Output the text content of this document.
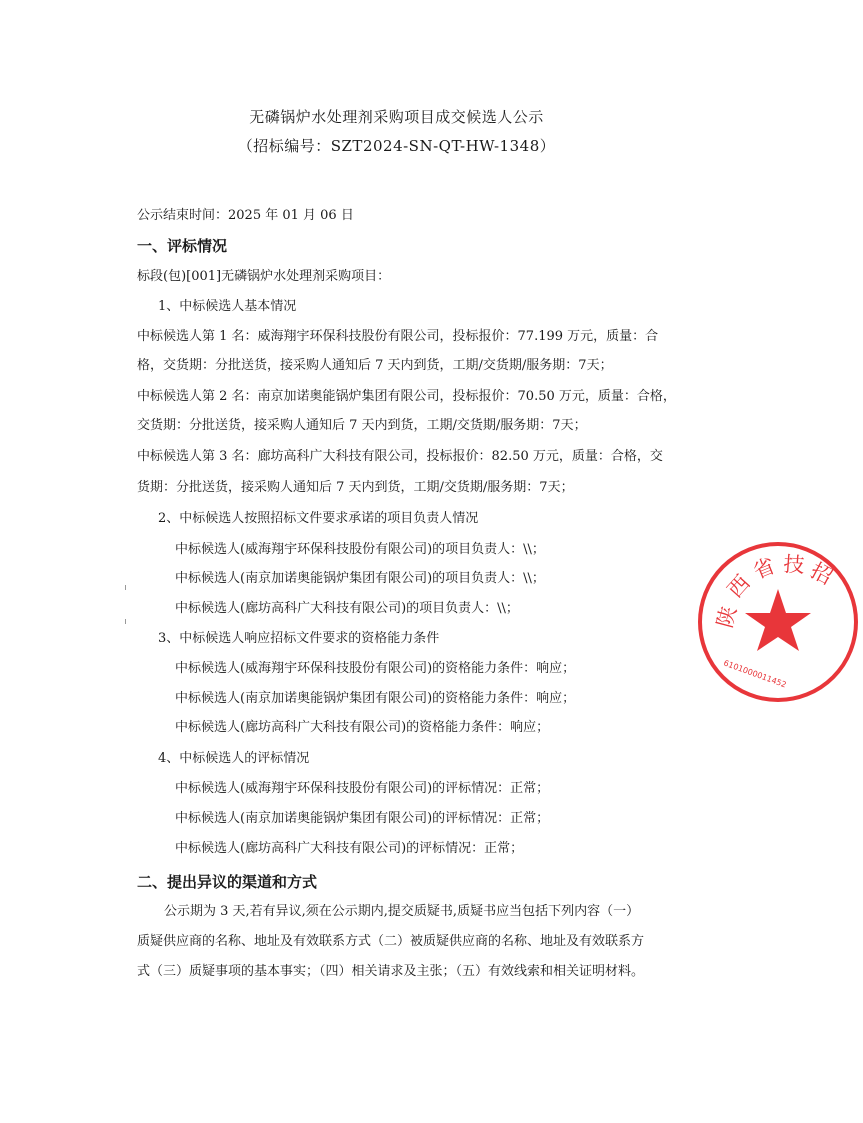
无磷锅炉水处理剂采购项目成交候选人公示
（招标编号：SZT2024-SN-QT-HW-1348）
公示结束时间：2025 年 01 月 06 日
一、评标情况
标段(包)[001]无磷锅炉水处理剂采购项目：
1、中标候选人基本情况
中标候选人第 1 名：威海翔宇环保科技股份有限公司，投标报价：77.199 万元，质量：合
格，交货期：分批送货，接采购人通知后 7 天内到货，工期/交货期/服务期：7天；
中标候选人第 2 名：南京加诺奥能锅炉集团有限公司，投标报价：70.50 万元，质量：合格，
交货期：分批送货，接采购人通知后 7 天内到货，工期/交货期/服务期：7天；
中标候选人第 3 名：廊坊高科广大科技有限公司，投标报价：82.50 万元，质量：合格，交
货期：分批送货，接采购人通知后 7 天内到货，工期/交货期/服务期：7天；
2、中标候选人按照招标文件要求承诺的项目负责人情况
中标候选人(威海翔宇环保科技股份有限公司)的项目负责人：\\；
中标候选人(南京加诺奥能锅炉集团有限公司)的项目负责人：\\；
中标候选人(廊坊高科广大科技有限公司)的项目负责人：\\；
3、中标候选人响应招标文件要求的资格能力条件
中标候选人(威海翔宇环保科技股份有限公司)的资格能力条件：响应；
中标候选人(南京加诺奥能锅炉集团有限公司)的资格能力条件：响应；
中标候选人(廊坊高科广大科技有限公司)的资格能力条件：响应；
4、中标候选人的评标情况
中标候选人(威海翔宇环保科技股份有限公司)的评标情况：正常；
中标候选人(南京加诺奥能锅炉集团有限公司)的评标情况：正常；
中标候选人(廊坊高科广大科技有限公司)的评标情况：正常；
二、提出异议的渠道和方式
公示期为 3 天,若有异议,须在公示期内,提交质疑书,质疑书应当包括下列内容（一）
质疑供应商的名称、地址及有效联系方式（二）被质疑供应商的名称、地址及有效联系方
式（三）质疑事项的基本事实；（四）相关请求及主张；（五）有效线索和相关证明材料。
陕
西
省 技 招
6101000011452
